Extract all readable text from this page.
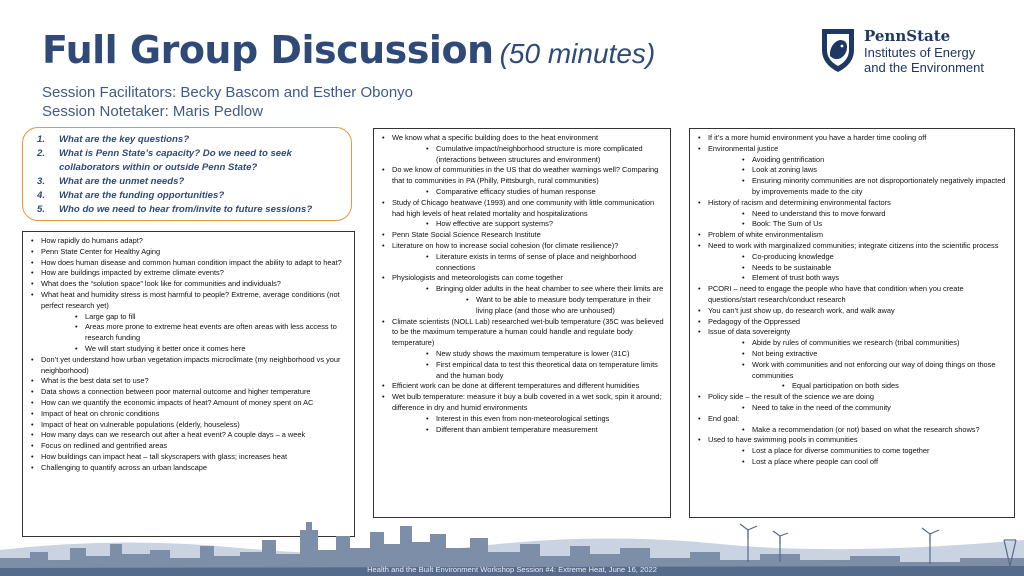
Full Group Discussion (50 minutes)
Session Facilitators: Becky Bascom and Esther Obonyo
Session Notetaker: Maris Pedlow
PennState
Institutes of Energy
and the Environment
1. What are the key questions?
2. What is Penn State’s capacity? Do we need to seek collaborators within or outside Penn State?
3. What are the unmet needs?
4. What are the funding opportunities?
5. Who do we need to hear from/invite to future sessions?
• How rapidly do humans adapt?
• Penn State Center for Healthy Aging
• How does human disease and common human condition impact the ability to adapt to heat?
• How are buildings impacted by extreme climate events?
• What does the “solution space” look like for communities and individuals?
• What heat and humidity stress is most harmful to people? Extreme, average conditions (not perfect research yet)
• Large gap to fill
• Areas more prone to extreme heat events are often areas with less access to research funding
• We will start studying it better once it comes here
• Don’t yet understand how urban vegetation impacts microclimate (my neighborhood vs your neighborhood)
• What is the best data set to use?
• Data shows a connection between poor maternal outcome and higher temperature
• How can we quantify the economic impacts of heat? Amount of money spent on AC
• Impact of heat on chronic conditions
• Impact of heat on vulnerable populations (elderly, houseless)
• How many days can we research out after a heat event? A couple days – a week
• Focus on redlined and gentrified areas
• How buildings can impact heat – tall skyscrapers with glass; increases heat
• Challenging to quantify across an urban landscape
• We know what a specific building does to the heat environment
• Cumulative impact/neighborhood structure is more complicated (interactions between structures and environment)
• Do we know of communities in the US that do weather warnings well? Comparing that to communities in PA (Philly, Pittsburgh, rural communities)
• Comparative efficacy studies of human response
• Study of Chicago heatwave (1993) and one community with little communication had high levels of heat related mortality and hospitalizations
• How effective are support systems?
• Penn State Social Science Research Institute
• Literature on how to increase social cohesion (for climate resilience)?
• Literature exists in terms of sense of place and neighborhood connections
• Physiologists and meteorologists can come together
• Bringing older adults in the heat chamber to see where their limits are
• Want to be able to measure body temperature in their living place (and those who are unhoused)
• Climate scientists (NOLL Lab) researched wet-bulb temperature (35C was believed to be the maximum temperature a human could handle and regulate body temperature)
• New study shows the maximum temperature is lower (31C)
• First empirical data to test this theoretical data on temperature limits and the human body
• Efficient work can be done at different temperatures and different humidities
• Wet bulb temperature: measure it buy a bulb covered in a wet sock, spin it around; difference in dry and humid environments
• Interest in this even from non-meteorological settings
• Different than ambient temperature measurement
• If it’s a more humid environment you have a harder time cooling off
• Environmental justice
• Avoiding gentrification
• Look at zoning laws
• Ensuring minority communities are not disproportionately negatively impacted by improvements made to the city
• History of racism and determining environmental factors
• Need to understand this to move forward
• Book: The Sum of Us
• Problem of white environmentalism
• Need to work with marginalized communities; integrate citizens into the scientific process
• Co-producing knowledge
• Needs to be sustainable
• Element of trust both ways
• PCORI – need to engage the people who have that condition when you create questions/start research/conduct research
• You can’t just show up, do research work, and walk away
• Pedagogy of the Oppressed
• Issue of data sovereignty
• Abide by rules of communities we research (tribal communities)
• Not being extractive
• Work with communities and not enforcing our way of doing things on those communities
• Equal participation on both sides
• Policy side – the result of the science we are doing
• Need to take in the need of the community
• End goal:
• Make a recommendation (or not) based on what the research shows?
• Used to have swimming pools in communities
• Lost a place for diverse communities to come together
• Lost a place where people can cool off
Health and the Built Environment Workshop Session #4: Extreme Heat, June 16, 2022
